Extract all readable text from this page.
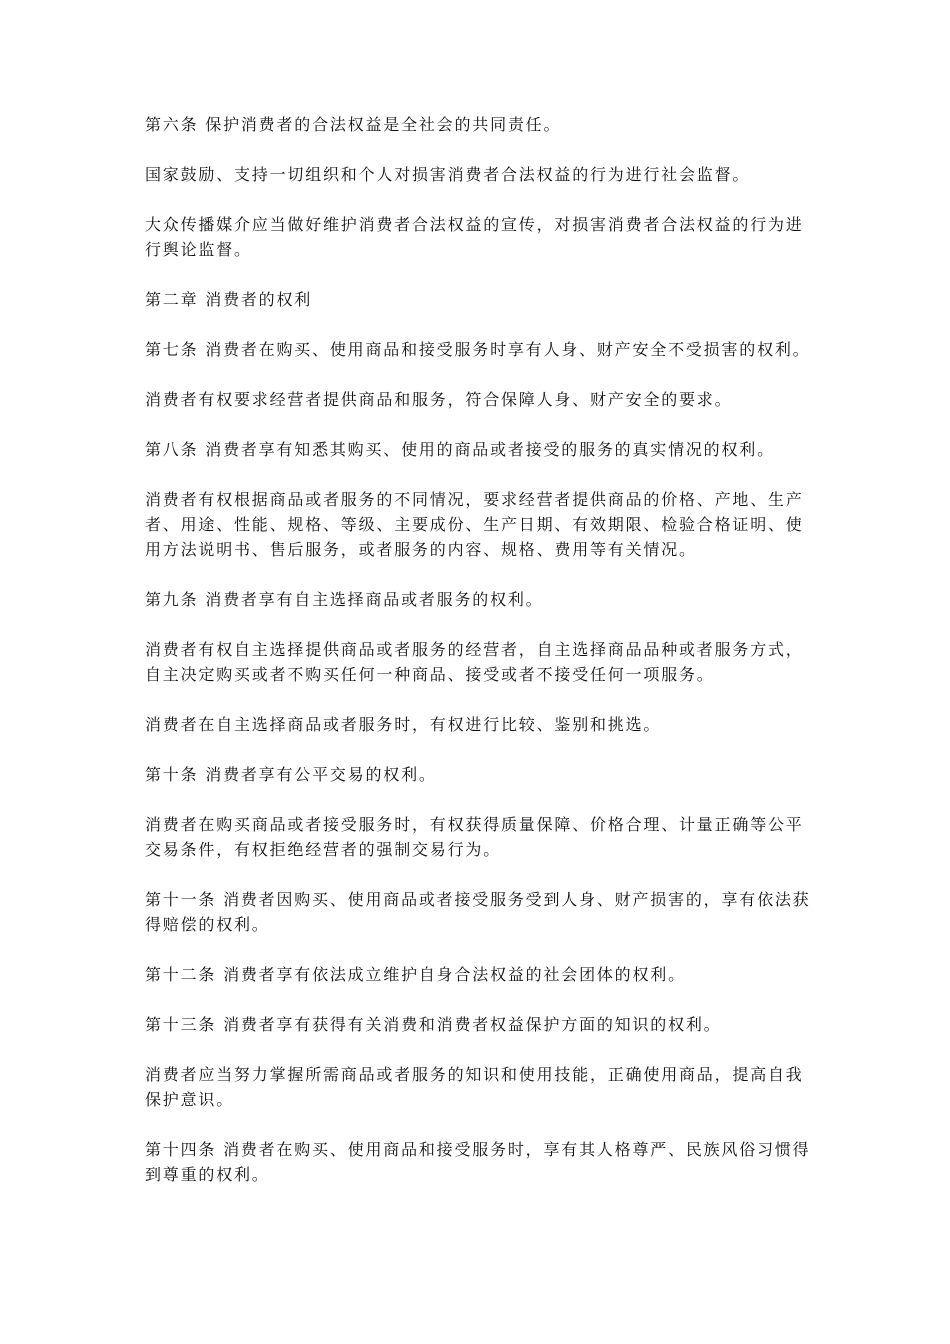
第六条 保护消费者的合法权益是全社会的共同责任。

国家鼓励、支持一切组织和个人对损害消费者合法权益的行为进行社会监督。

大众传播媒介应当做好维护消费者合法权益的宣传，对损害消费者合法权益的行为进行舆论监督。

第二章 消费者的权利

第七条 消费者在购买、使用商品和接受服务时享有人身、财产安全不受损害的权利。

消费者有权要求经营者提供商品和服务，符合保障人身、财产安全的要求。

第八条 消费者享有知悉其购买、使用的商品或者接受的服务的真实情况的权利。

消费者有权根据商品或者服务的不同情况，要求经营者提供商品的价格、产地、生产者、用途、性能、规格、等级、主要成份、生产日期、有效期限、检验合格证明、使用方法说明书、售后服务，或者服务的内容、规格、费用等有关情况。

第九条 消费者享有自主选择商品或者服务的权利。

消费者有权自主选择提供商品或者服务的经营者，自主选择商品品种或者服务方式，自主决定购买或者不购买任何一种商品、接受或者不接受任何一项服务。

消费者在自主选择商品或者服务时，有权进行比较、鉴别和挑选。

第十条 消费者享有公平交易的权利。

消费者在购买商品或者接受服务时，有权获得质量保障、价格合理、计量正确等公平交易条件，有权拒绝经营者的强制交易行为。

第十一条 消费者因购买、使用商品或者接受服务受到人身、财产损害的，享有依法获得赔偿的权利。

第十二条 消费者享有依法成立维护自身合法权益的社会团体的权利。

第十三条 消费者享有获得有关消费和消费者权益保护方面的知识的权利。

消费者应当努力掌握所需商品或者服务的知识和使用技能，正确使用商品，提高自我保护意识。

第十四条 消费者在购买、使用商品和接受服务时，享有其人格尊严、民族风俗习惯得到尊重的权利。
